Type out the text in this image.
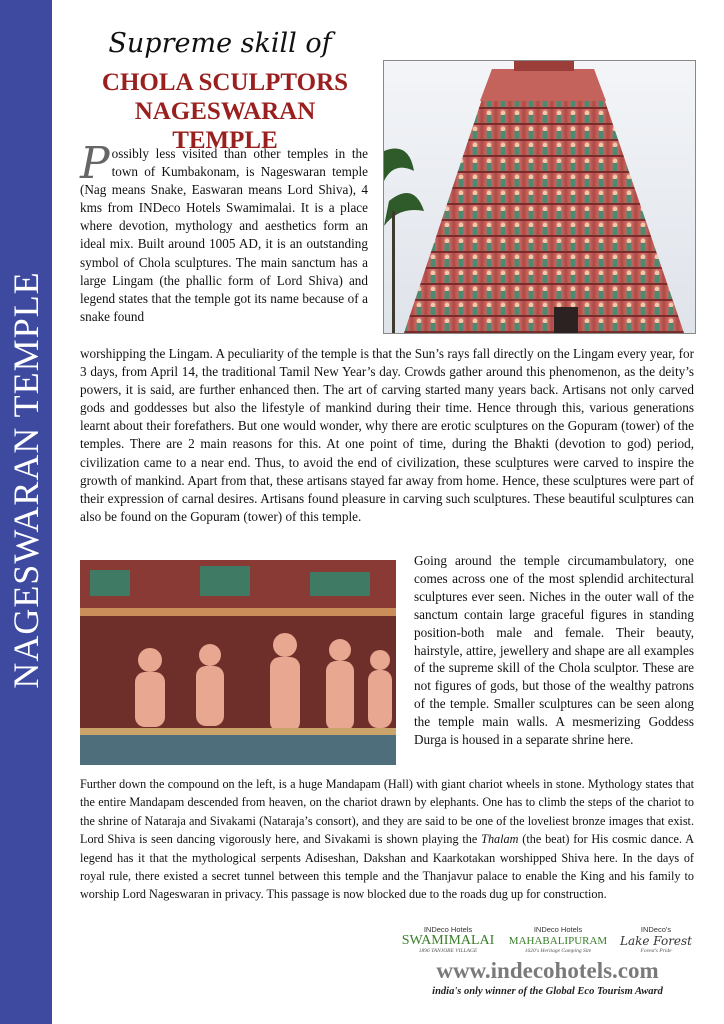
NAGESWARAN TEMPLE
Supreme skill of
CHOLA SCULPTORS
NAGESWARAN TEMPLE

Possibly less visited than other temples in the town of Kumbakonam, is Nageswaran temple (Nag means Snake, Easwaran means Lord Shiva), 4 kms from INDeco Hotels Swamimalai. It is a place where devotion, mythology and aesthetics form an ideal mix. Built around 1005 AD, it is an outstanding symbol of Chola sculptures. The main sanctum has a large Lingam (the phallic form of Lord Shiva) and legend states that the temple got its name because of a snake found

worshipping the Lingam. A peculiarity of the temple is that the Sun’s rays fall directly on the Lingam every year, for 3 days, from April 14, the traditional Tamil New Year’s day. Crowds gather around this phenomenon, as the deity’s powers, it is said, are further enhanced then. The art of carving started many years back. Artisans not only carved gods and goddesses but also the lifestyle of mankind during their time. Hence through this, various generations learnt about their forefathers. But one would wonder, why there are erotic sculptures on the Gopuram (tower) of the temples. There are 2 main reasons for this. At one point of time, during the Bhakti (devotion to god) period, civilization came to a near end. Thus, to avoid the end of civilization, these sculptures were carved to inspire the growth of mankind. Apart from that, these artisans stayed far away from home. Hence, these sculptures were part of their expression of carnal desires. Artisans found pleasure in carving such sculptures. These beautiful sculptures can also be found on the Gopuram (tower) of this temple.

Going around the temple circumambulatory, one comes across one of the most splendid architectural sculptures ever seen. Niches in the outer wall of the sanctum contain large graceful figures in standing position-both male and female. Their beauty, hairstyle, attire, jewellery and shape are all examples of the supreme skill of the Chola sculptor. These are not figures of gods, but those of the wealthy patrons of the temple. Smaller sculptures can be seen along the temple main walls. A mesmerizing Goddess Durga is housed in a separate shrine here.

Further down the compound on the left, is a huge Mandapam (Hall) with giant chariot wheels in stone. Mythology states that the entire Mandapam descended from heaven, on the chariot drawn by elephants. One has to climb the steps of the chariot to the shrine of Nataraja and Sivakami (Nataraja’s consort), and they are said to be one of the loveliest bronze images that exist. Lord Shiva is seen dancing vigorously here, and Sivakami is shown playing the Thalam (the beat) for His cosmic dance. A legend has it that the mythological serpents Adiseshan, Dakshan and Kaarkotakan worshipped Shiva here. In the days of royal rule, there existed a secret tunnel between this temple and the Thanjavur palace to enable the King and his family to worship Lord Nageswaran in privacy. This passage is now blocked due to the roads dug up for construction.

INDeco Hotels
SWAMIMALAI
1896 TANJORE VILLAGE
INDeco Hotels
MAHABALIPURAM
1620's Heritage Camping Site
INDeco's
Lake Forest
Forest's Pride
www.indecohotels.com
india's only winner of the Global Eco Tourism Award
